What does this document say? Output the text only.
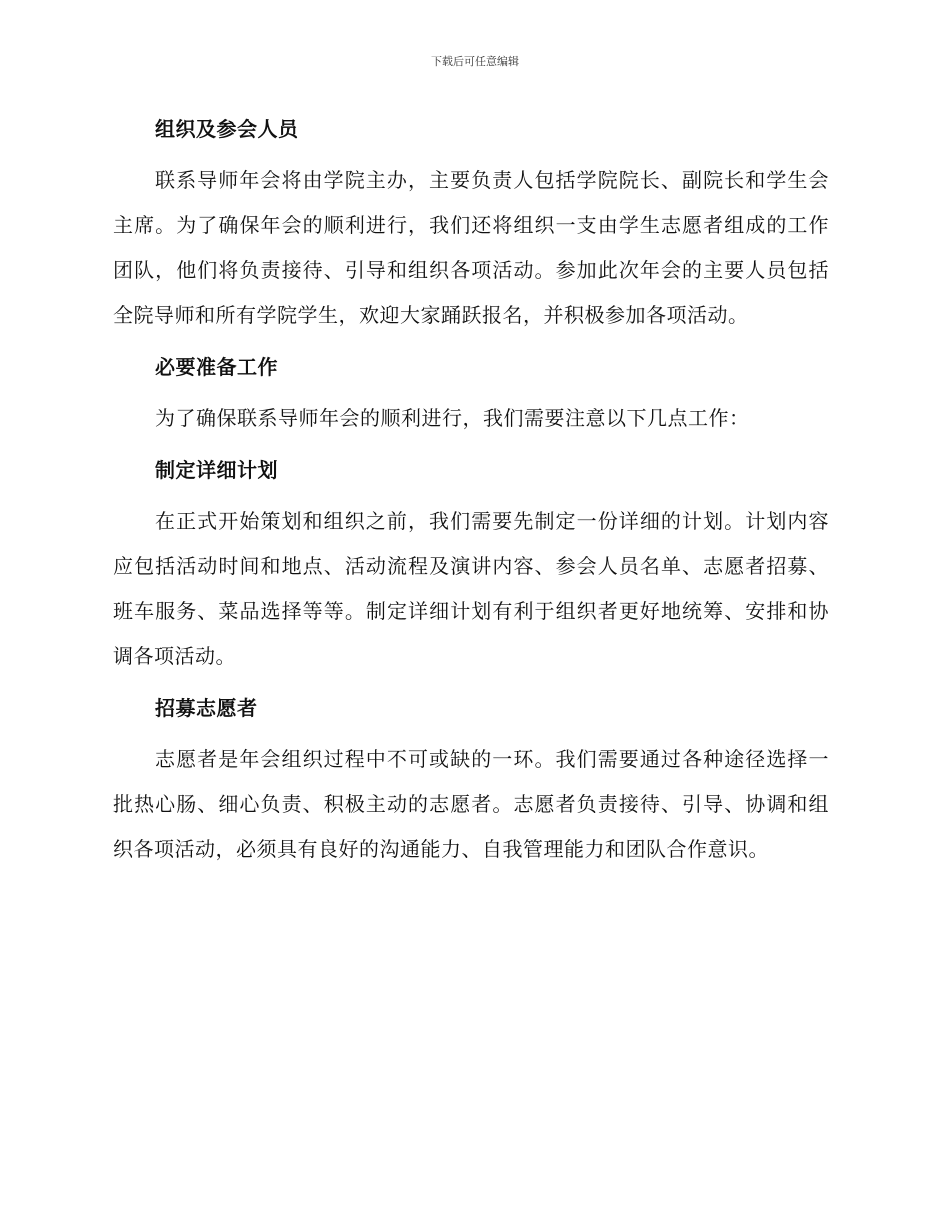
下载后可任意编辑

组织及参会人员

联系导师年会将由学院主办，主要负责人包括学院院长、副院长和学生会主席。为了确保年会的顺利进行，我们还将组织一支由学生志愿者组成的工作团队，他们将负责接待、引导和组织各项活动。参加此次年会的主要人员包括全院导师和所有学院学生，欢迎大家踊跃报名，并积极参加各项活动。

必要准备工作

为了确保联系导师年会的顺利进行，我们需要注意以下几点工作：

制定详细计划

在正式开始策划和组织之前，我们需要先制定一份详细的计划。计划内容应包括活动时间和地点、活动流程及演讲内容、参会人员名单、志愿者招募、班车服务、菜品选择等等。制定详细计划有利于组织者更好地统筹、安排和协调各项活动。

招募志愿者

志愿者是年会组织过程中不可或缺的一环。我们需要通过各种途径选择一批热心肠、细心负责、积极主动的志愿者。志愿者负责接待、引导、协调和组织各项活动，必须具有良好的沟通能力、自我管理能力和团队合作意识。
